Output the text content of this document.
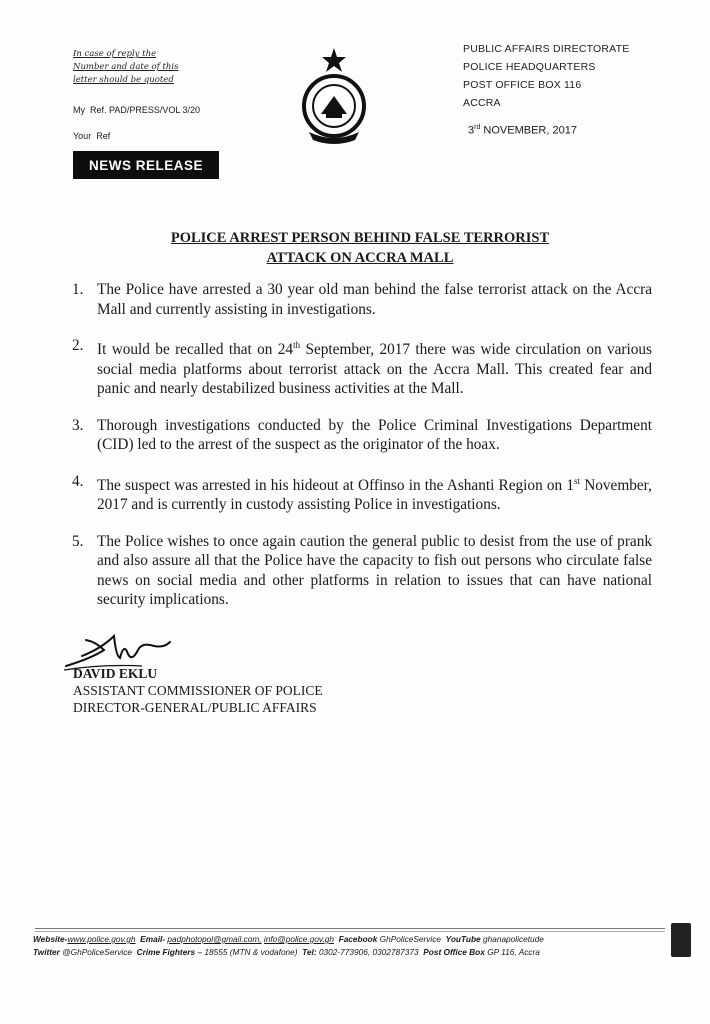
In case of reply the
Number and date of this
letter should be quoted
My Ref. PAD/PRESS/VOL 3/20
Your Ref
PUBLIC AFFAIRS DIRECTORATE
POLICE HEADQUARTERS
POST OFFICE BOX 116
ACCRA
3rd NOVEMBER, 2017
NEWS RELEASE
POLICE ARREST PERSON BEHIND FALSE TERRORIST
ATTACK ON ACCRA MALL
1. The Police have arrested a 30 year old man behind the false terrorist attack on the Accra Mall and currently assisting in investigations.
2. It would be recalled that on 24th September, 2017 there was wide circulation on various social media platforms about terrorist attack on the Accra Mall. This created fear and panic and nearly destabilized business activities at the Mall.
3. Thorough investigations conducted by the Police Criminal Investigations Department (CID) led to the arrest of the suspect as the originator of the hoax.
4. The suspect was arrested in his hideout at Offinso in the Ashanti Region on 1st November, 2017 and is currently in custody assisting Police in investigations.
5. The Police wishes to once again caution the general public to desist from the use of prank and also assure all that the Police have the capacity to fish out persons who circulate false news on social media and other platforms in relation to issues that can have national security implications.
DAVID EKLU
ASSISTANT COMMISSIONER OF POLICE
DIRECTOR-GENERAL/PUBLIC AFFAIRS
Website-www.police.gov.gh Email- padphotopol@gmail.com, info@police.gov.gh Facebook GhPoliceService YouTube ghanapolicetude
Twitter @GhPoliceService Crime Fighters – 18555 (MTN & vodafone) Tel: 0302-773906, 0302787373 Post Office Box GP 116, Accra
